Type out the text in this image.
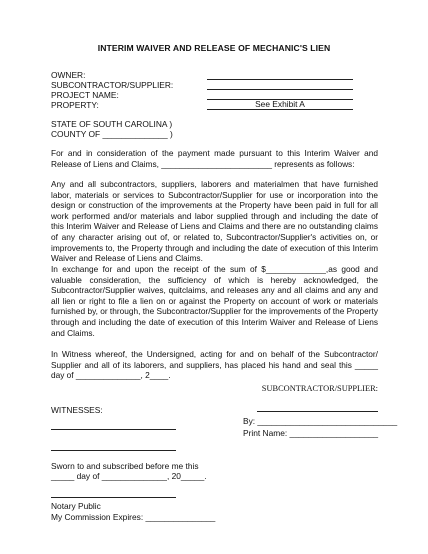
INTERIM WAIVER AND RELEASE OF MECHANIC'S LIEN
OWNER:
SUBCONTRACTOR/SUPPLIER:
PROJECT NAME:
PROPERTY:	See Exhibit A
STATE OF SOUTH CAROLINA )
COUNTY OF ______________ )

For and in consideration of the payment made pursuant to this Interim Waiver and Release of Liens and Claims, ________________________ represents as follows:

Any and all subcontractors, suppliers, laborers and materialmen that have furnished labor, materials or services to Subcontractor/Supplier for use or incorporation into the design or construction of the improvements at the Property have been paid in full for all work performed and/or materials and labor supplied through and including the date of this Interim Waiver and Release of Liens and Claims and there are no outstanding claims of any character arising out of, or related to, Subcontractor/Supplier's activities on, or improvements to, the Property through and including the date of execution of this Interim Waiver and Release of Liens and Claims.

In exchange for and upon the receipt of the sum of $_____________,as good and valuable consideration, the sufficiency of which is hereby acknowledged, the Subcontractor/Supplier waives, quitclaims, and releases any and all claims and any and all lien or right to file a lien on or against the Property on account of work or materials furnished by, or through, the Subcontractor/Supplier for the improvements of the Property through and including the date of execution of this Interim Waiver and Release of Liens and Claims.

In Witness whereof, the Undersigned, acting for and on behalf of the Subcontractor/ Supplier and all of its laborers, and suppliers, has placed his hand and seal this _____ day of ______________, 2____.

SUBCONTRACTOR/SUPPLIER:
WITNESSES:
By: ______________________________
Print Name: ___________________
Sworn to and subscribed before me this
_____ day of ______________, 20_____.
Notary Public
My Commission Expires: _______________
